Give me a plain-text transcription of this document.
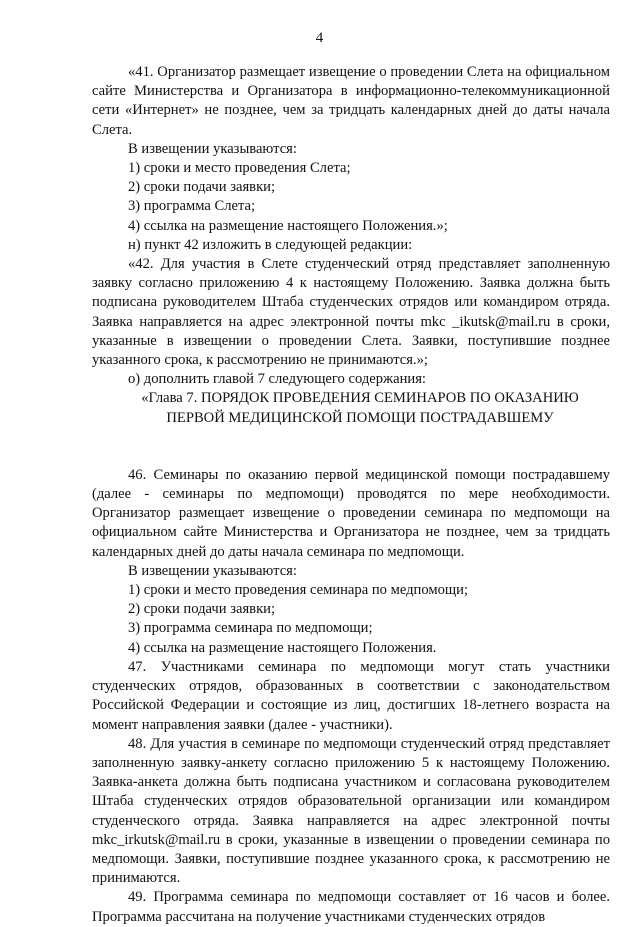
4

«41. Организатор размещает извещение о проведении Слета на официальном сайте Министерства и Организатора в информационно-телекоммуникационной сети «Интернет» не позднее, чем за тридцать календарных дней до даты начала Слета.

В извещении указываются:

1) сроки и место проведения Слета;

2) сроки подачи заявки;

3) программа Слета;

4) ссылка на размещение настоящего Положения.»;

н) пункт 42 изложить в следующей редакции:

«42. Для участия в Слете студенческий отряд представляет заполненную заявку согласно приложению 4 к настоящему Положению. Заявка должна быть подписана руководителем Штаба студенческих отрядов или командиром отряда. Заявка направляется на адрес электронной почты mkc _ikutsk@mail.ru в сроки, указанные в извещении о проведении Слета. Заявки, поступившие позднее указанного срока, к рассмотрению не принимаются.»;

о) дополнить главой 7 следующего содержания:

«Глава 7. ПОРЯДОК ПРОВЕДЕНИЯ СЕМИНАРОВ ПО ОКАЗАНИЮ
ПЕРВОЙ МЕДИЦИНСКОЙ ПОМОЩИ ПОСТРАДАВШЕМУ

46. Семинары по оказанию первой медицинской помощи пострадавшему (далее - семинары по медпомощи) проводятся по мере необходимости. Организатор размещает извещение о проведении семинара по медпомощи на официальном сайте Министерства и Организатора не позднее, чем за тридцать календарных дней до даты начала семинара по медпомощи.

В извещении указываются:

1) сроки и место проведения семинара по медпомощи;

2) сроки подачи заявки;

3) программа семинара по медпомощи;

4) ссылка на размещение настоящего Положения.

47. Участниками семинара по медпомощи могут стать участники студенческих отрядов, образованных в соответствии с законодательством Российской Федерации и состоящие из лиц, достигших 18-летнего возраста на момент направления заявки (далее - участники).

48. Для участия в семинаре по медпомощи студенческий отряд представляет заполненную заявку-анкету согласно приложению 5 к настоящему Положению. Заявка-анкета должна быть подписана участником и согласована руководителем Штаба студенческих отрядов образовательной организации или командиром студенческого отряда. Заявка направляется на адрес электронной почты mkc_irkutsk@mail.ru в сроки, указанные в извещении о проведении семинара по медпомощи. Заявки, поступившие позднее указанного срока, к рассмотрению не принимаются.

49. Программа семинара по медпомощи составляет от 16 часов и более. Программа рассчитана на получение участниками студенческих отрядов
